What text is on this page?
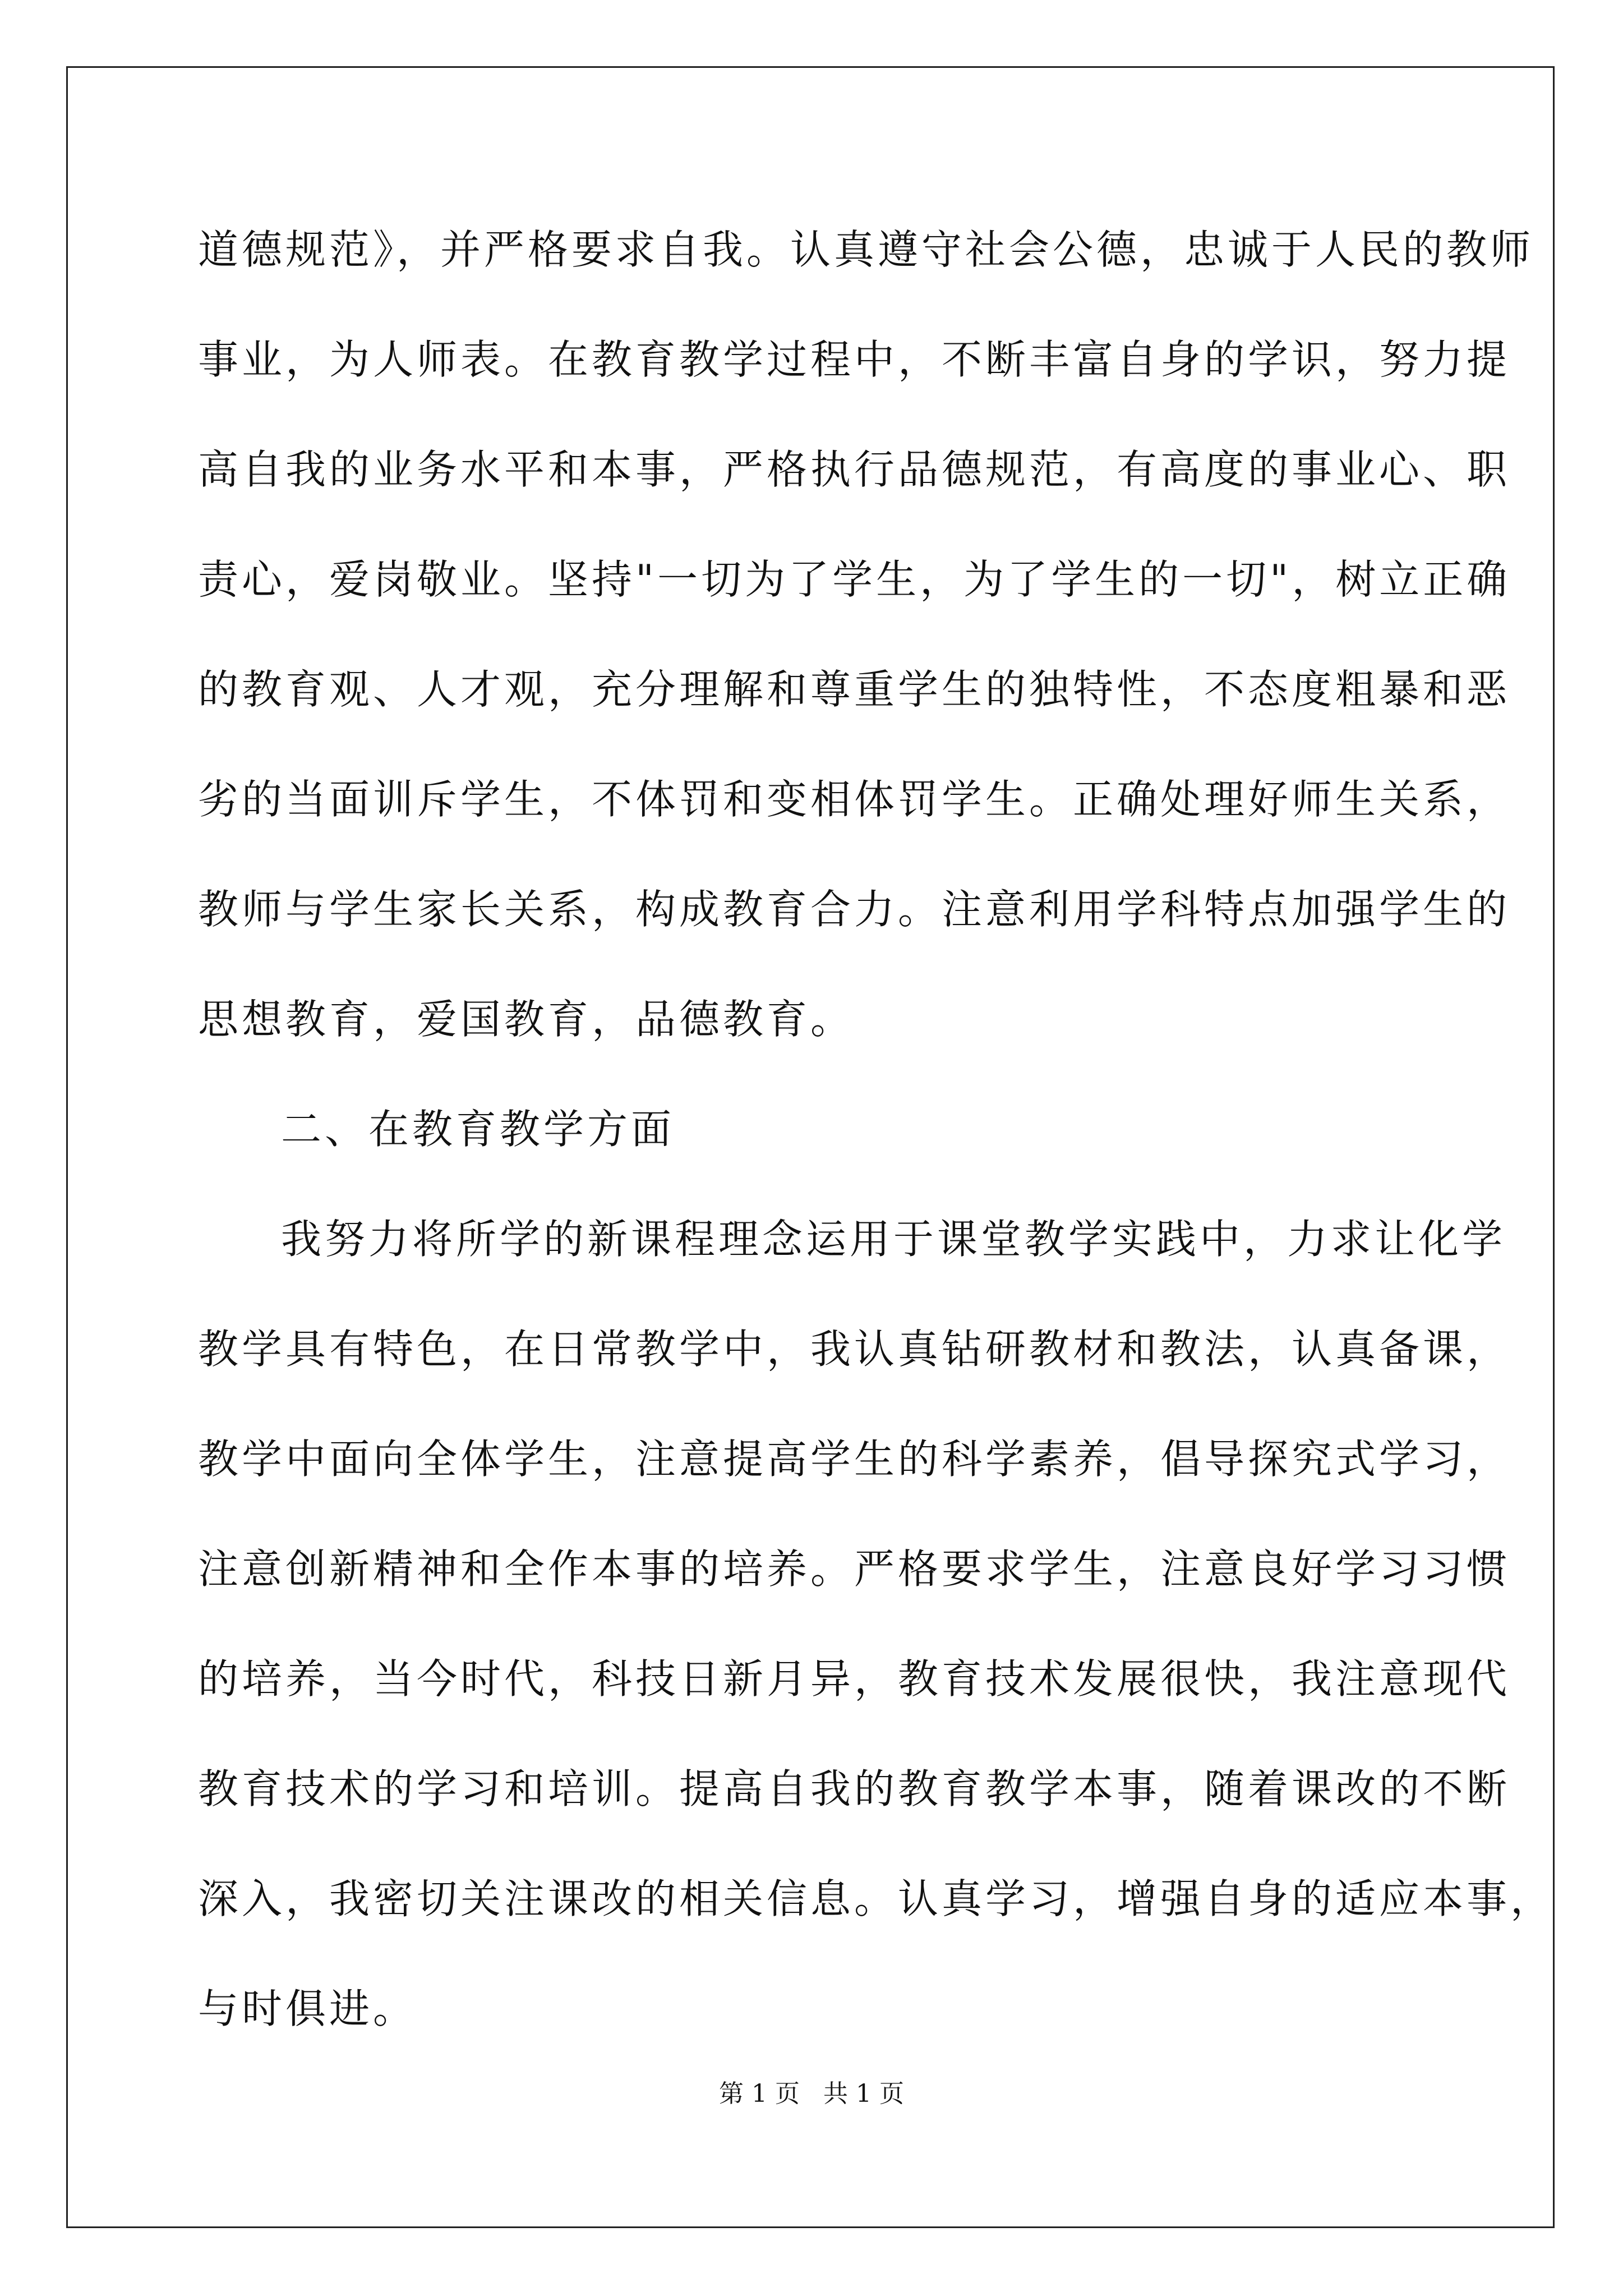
道德规范》，并严格要求自我。认真遵守社会公德，忠诚于人民的教师
事业，为人师表。在教育教学过程中，不断丰富自身的学识，努力提
高自我的业务水平和本事，严格执行品德规范，有高度的事业心、职
责心，爱岗敬业。坚持"一切为了学生，为了学生的一切"，树立正确
的教育观、人才观，充分理解和尊重学生的独特性，不态度粗暴和恶
劣的当面训斥学生，不体罚和变相体罚学生。正确处理好师生关系，
教师与学生家长关系，构成教育合力。注意利用学科特点加强学生的
思想教育，爱国教育，品德教育。
二、在教育教学方面
我努力将所学的新课程理念运用于课堂教学实践中，力求让化学
教学具有特色，在日常教学中，我认真钻研教材和教法，认真备课，
教学中面向全体学生，注意提高学生的科学素养，倡导探究式学习，
注意创新精神和全作本事的培养。严格要求学生，注意良好学习习惯
的培养，当今时代，科技日新月异，教育技术发展很快，我注意现代
教育技术的学习和培训。提高自我的教育教学本事，随着课改的不断
深入，我密切关注课改的相关信息。认真学习，增强自身的适应本事，
与时俱进。
第 1 页   共 1 页
